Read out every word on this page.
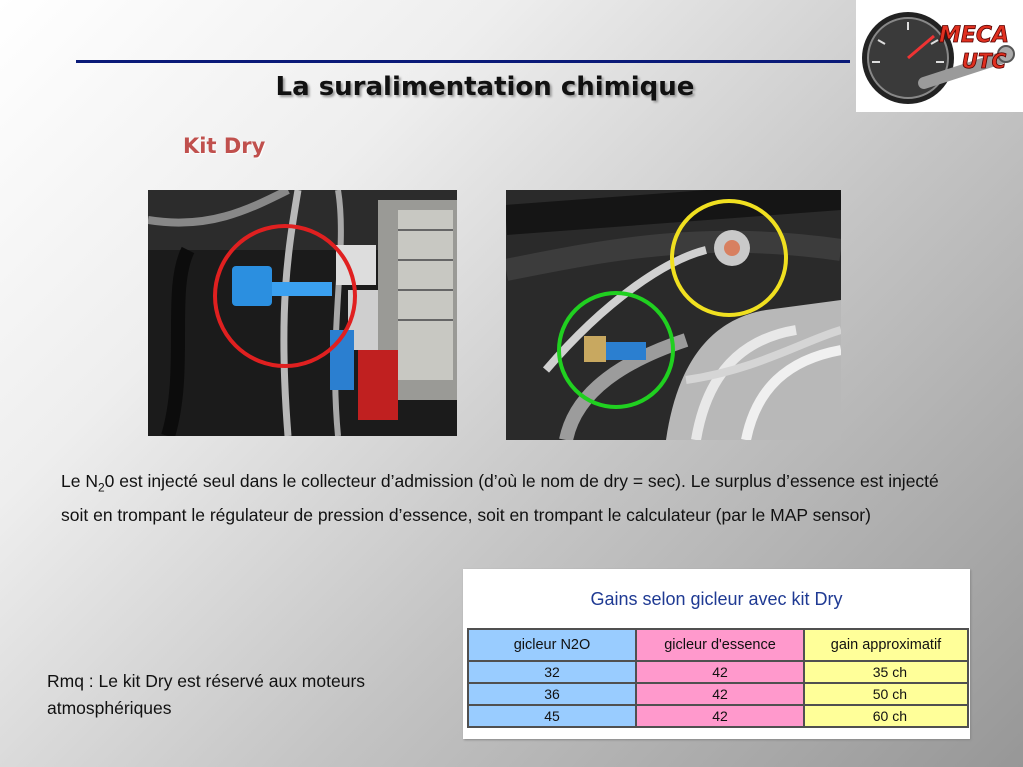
La suralimentation chimique
Kit Dry
MECA
UTC
Le $N_20$ est injecté seul dans le collecteur d’admission (d’où le nom de dry = sec). Le surplus d’essence est injecté soit en trompant le régulateur de pression d’essence, soit en trompant le calculateur (par le MAP sensor)
Rmq : Le kit Dry est réservé aux moteurs atmosphériques
Gains selon gicleur avec kit Dry
gicleur N2O	gicleur d'essence	gain approximatif
32	42	35 ch
36	42	50 ch
45	42	60 ch
